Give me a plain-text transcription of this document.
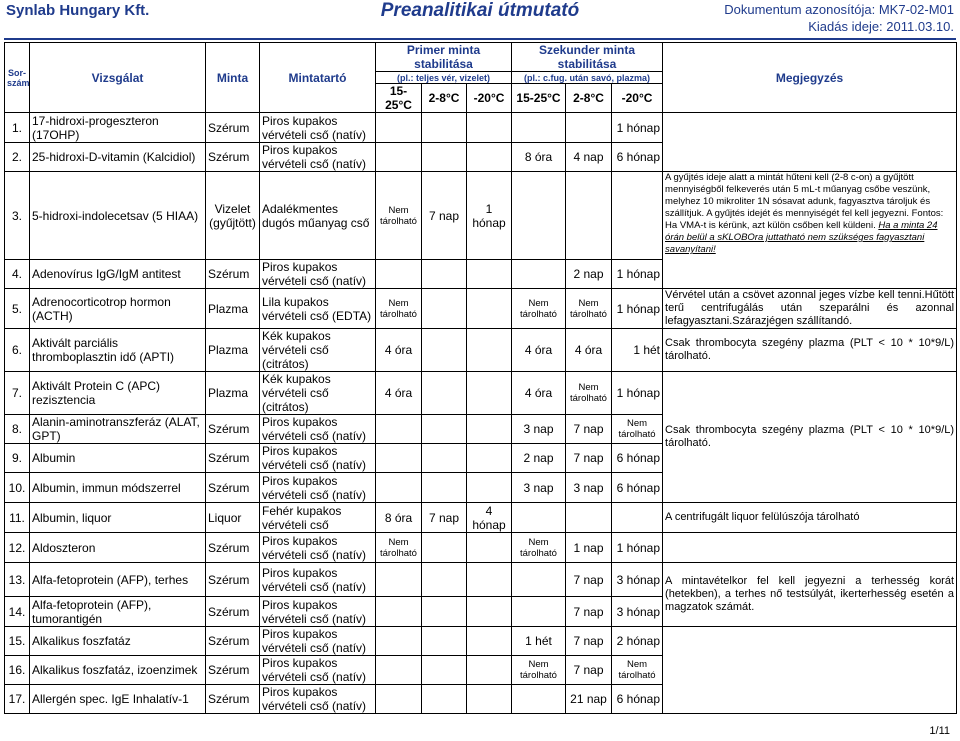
Synlab Hungary Kft.	Preanalitikai útmutató	Dokumentum azonosítója: MK7-02-M01
Kiadás ideje: 2011.03.10.
Sor- szám	Vizsgálat	Minta	Mintatartó	Primer minta stabilitása			Szekunder minta stabilitása			Megjegyzés
				(pl.: teljes vér, vizelet)			(pl.: c.fug. után savó, plazma)			
				15-25°C	2-8°C	-20°C	15-25°C	2-8°C	-20°C	
1.	17-hidroxi-progeszteron (17OHP)	Szérum	Piros kupakos vérvételi cső (natív)						1 hónap	
2.	25-hidroxi-D-vitamin (Kalcidiol)	Szérum	Piros kupakos vérvételi cső (natív)				8 óra	4 nap	6 hónap	
3.	5-hidroxi-indolecetsav (5 HIAA)	Vizelet (gyűjtött)	Adalékmentes dugós műanyag cső	Nem tárolható	7 nap	1 hónap				A gyűjtés ideje alatt a mintát hűteni kell (2-8 c-on) a gyűjtött mennyiségből felkeverés után 5 mL-t műanyag csőbe veszünk, melyhez 10 mikroliter 1N sósavat adunk, fagyasztva tároljuk és szállítjuk. A gyűjtés idejét és mennyiségét fel kell jegyezni. Fontos: Ha VMA-t is kérünk, azt külön csőben kell küldeni. Ha a minta 24 órán belül a sKLOBOra juttatható nem szükséges fagyasztani savanyítani!
4.	Adenovírus IgG/IgM antitest	Szérum	Piros kupakos vérvételi cső (natív)					2 nap	1 hónap	
5.	Adrenocorticotrop hormon (ACTH)	Plazma	Lila kupakos vérvételi cső (EDTA)	Nem tárolható			Nem tárolható	Nem tárolható	1 hónap	Vérvétel után a csövet azonnal jeges vízbe kell tenni.Hűtött terű centrifugálás után szeparálni és azonnal lefagyasztani.Szárazjégen szállítandó.
6.	Aktivált parciális thromboplasztin idő (APTI)	Plazma	Kék kupakos vérvételi cső (citrátos)	4 óra			4 óra	4 óra	1 hét	Csak thrombocyta szegény plazma (PLT < 10 * 10*9/L) tárolható.
7.	Aktivált Protein C (APC) rezisztencia	Plazma	Kék kupakos vérvételi cső (citrátos)	4 óra			4 óra	Nem tárolható	1 hónap	Csak thrombocyta szegény plazma (PLT < 10 * 10*9/L) tárolható.
8.	Alanin-aminotranszferáz (ALAT, GPT)	Szérum	Piros kupakos vérvételi cső (natív)				3 nap	7 nap	Nem tárolható	
9.	Albumin	Szérum	Piros kupakos vérvételi cső (natív)				2 nap	7 nap	6 hónap	
10.	Albumin, immun módszerrel	Szérum	Piros kupakos vérvételi cső (natív)				3 nap	3 nap	6 hónap	
11.	Albumin, liquor	Liquor	Fehér kupakos vérvételi cső	8 óra	7 nap	4 hónap				A centrifugált liquor felülúszója tárolható
12.	Aldoszteron	Szérum	Piros kupakos vérvételi cső (natív)	Nem tárolható			Nem tárolható	1 nap	1 hónap	
13.	Alfa-fetoprotein (AFP), terhes	Szérum	Piros kupakos vérvételi cső (natív)					7 nap	3 hónap	A mintavételkor fel kell jegyezni a terhesség korát (hetekben), a terhes nő testsúlyát, ikerterhesség esetén a magzatok számát.
14.	Alfa-fetoprotein (AFP), tumorantigén	Szérum	Piros kupakos vérvételi cső (natív)					7 nap	3 hónap	
15.	Alkalikus foszfatáz	Szérum	Piros kupakos vérvételi cső (natív)				1 hét	7 nap	2 hónap	
16.	Alkalikus foszfatáz, izoenzimek	Szérum	Piros kupakos vérvételi cső (natív)				Nem tárolható	7 nap	Nem tárolható	
17.	Allergén spec. IgE Inhalatív-1	Szérum	Piros kupakos vérvételi cső (natív)					21 nap	6 hónap	
1/11
